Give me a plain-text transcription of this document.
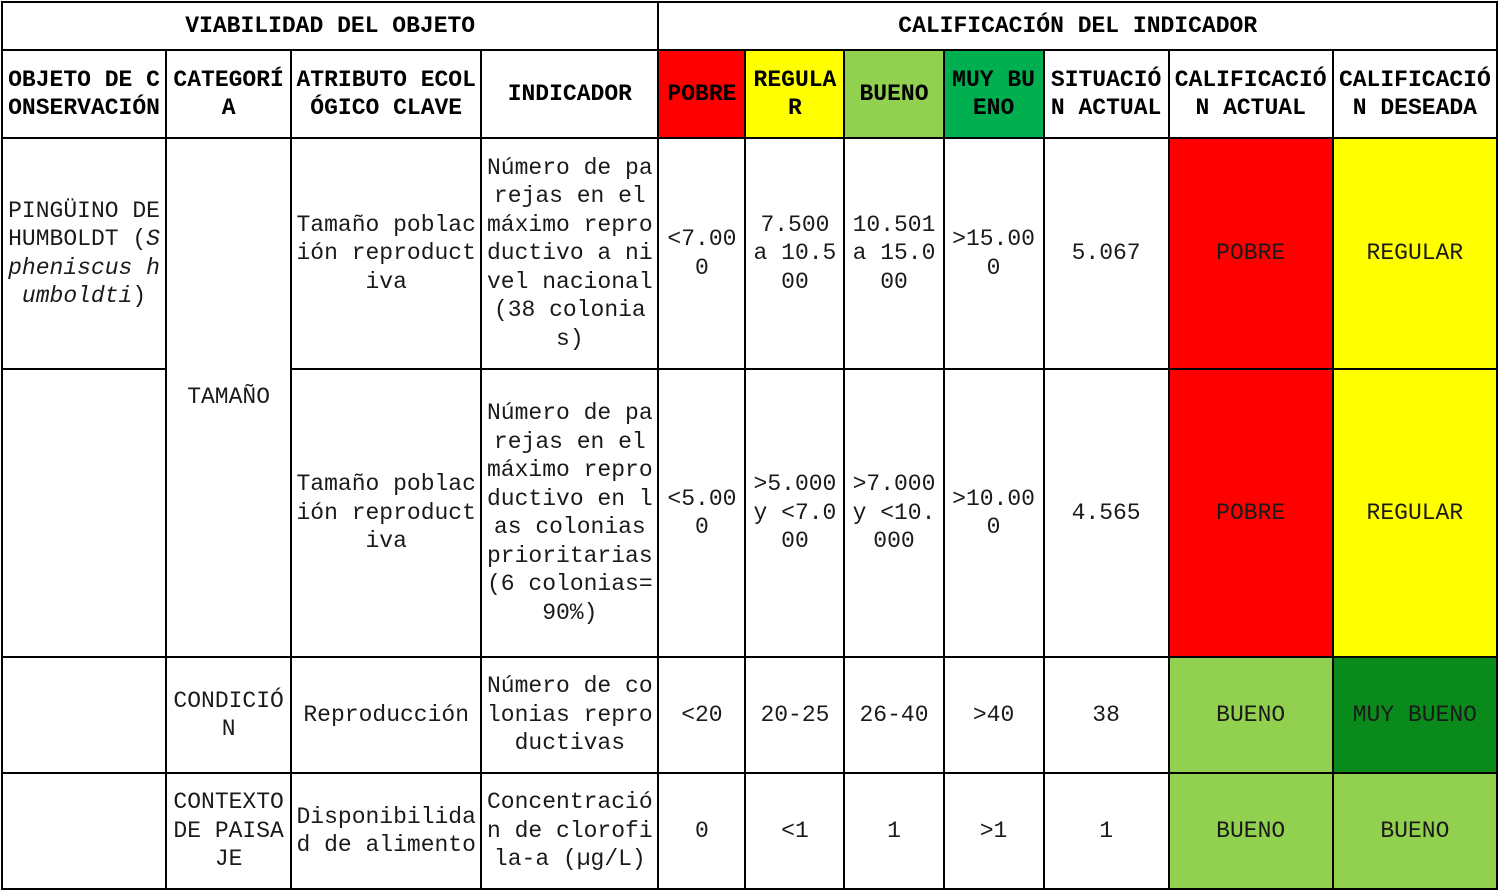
VIABILIDAD DEL OBJETO				CALIFICACIÓN DEL INDICADOR						
OBJETO DE CONSERVACIÓN	CATEGORÍA	ATRIBUTO ECOLÓGICO CLAVE	INDICADOR	POBRE	REGULAR	BUENO	MUY BUENO	SITUACIÓN ACTUAL	CALIFICACIÓN ACTUAL	CALIFICACIÓN DESEADA
PINGÜINO DE HUMBOLDT (Spheniscus humboldti)	TAMAÑO	Tamaño población reproductiva	Número de parejas en el máximo reproductivo a nivel nacional (38 colonias)	<7.000	7.500 a 10.500	10.501 a 15.000	>15.000	5.067	POBRE	REGULAR
		Tamaño población reproductiva	Número de parejas en el máximo reproductivo en las colonias prioritarias (6 colonias=90%)	<5.000	>5.000 y <7.000	>7.000 y <10.000	>10.000	4.565	POBRE	REGULAR
	CONDICIÓN	Reproducción	Número de colonias reproductivas	<20	20-25	26-40	>40	38	BUENO	MUY BUENO
	CONTEXTO DE PAISAJE	Disponibilidad de alimento	Concentración de clorofila-a (µg/L)	0	<1	1	>1	1	BUENO	BUENO
